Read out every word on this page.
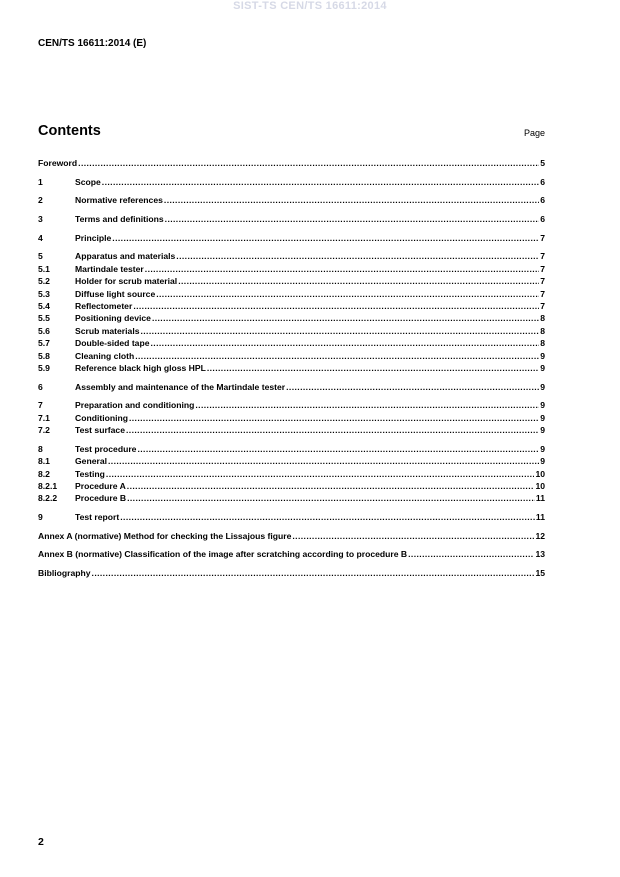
SIST-TS CEN/TS 16611:2014
CEN/TS 16611:2014 (E)
Contents	Page
Foreword .....	5
1	Scope .....	6
2	Normative references .....	6
3	Terms and definitions .....	6
4	Principle .....	7
5	Apparatus and materials .....	7
5.1	Martindale tester .....	7
5.2	Holder for scrub material .....	7
5.3	Diffuse light source .....	7
5.4	Reflectometer .....	7
5.5	Positioning device .....	8
5.6	Scrub materials .....	8
5.7	Double-sided tape .....	8
5.8	Cleaning cloth .....	9
5.9	Reference black high gloss HPL .....	9
6	Assembly and maintenance of the Martindale tester .....	9
7	Preparation and conditioning .....	9
7.1	Conditioning .....	9
7.2	Test surface .....	9
8	Test procedure .....	9
8.1	General .....	9
8.2	Testing .....	10
8.2.1	Procedure A .....	10
8.2.2	Procedure B .....	11
9	Test report .....	11
Annex A (normative) Method for checking the Lissajous figure .....	12
Annex B (normative) Classification of the image after scratching according to procedure B .....	13
Bibliography .....	15
2
